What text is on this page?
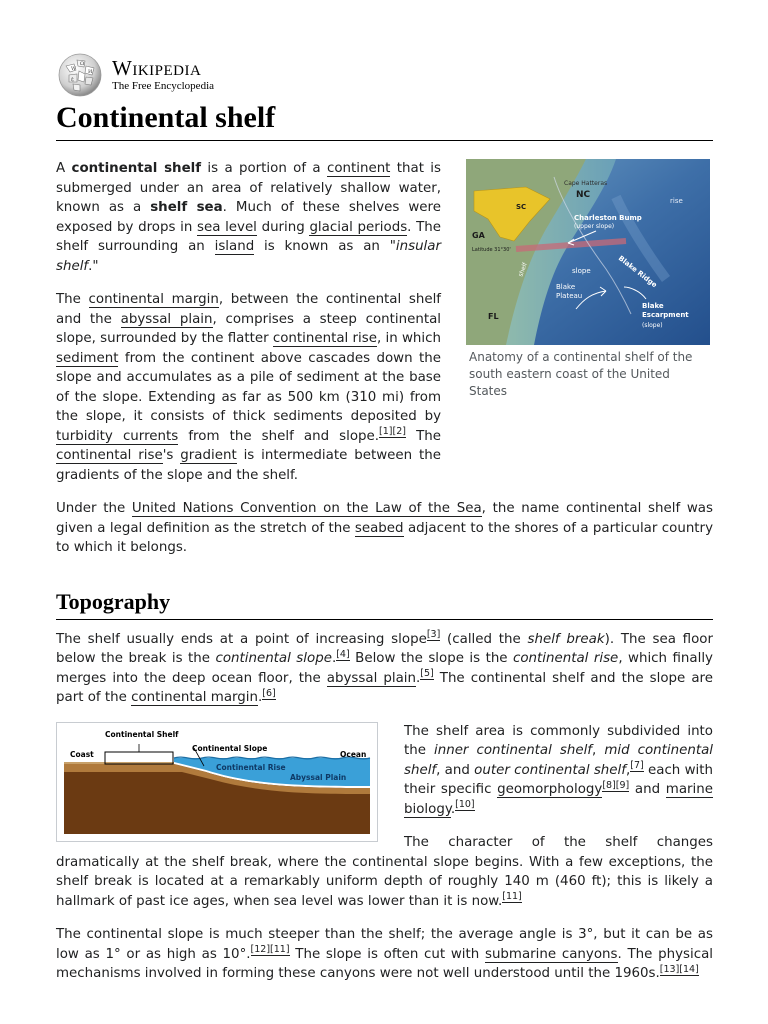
W
Ω
И
ع Wikipedia
The Free Encyclopedia
Continental shelf

A continental shelf is a portion of a continent that is submerged under an area of relatively shallow water, known as a shelf sea. Much of these shelves were exposed by drops in sea level during glacial periods. The shelf surrounding an island is known as an "insular shelf."

The continental margin, between the continental shelf and the abyssal plain, comprises a steep continental slope, surrounded by the flatter continental rise, in which sediment from the continent above cascades down the slope and accumulates as a pile of sediment at the base of the slope. Extending as far as 500 km (310 mi) from the slope, it consists of thick sediments deposited by turbidity currents from the shelf and slope.[1][2] The continental rise's gradient is intermediate between the gradients of the slope and the shelf.

Cape Hatteras
NC
rise
SC
Charleston Bump
(upper slope)
GA
Latitude 31°30'
shelf	slope	Blake Ridge
Blake
Plateau
FL
Blake
Escarpment
(slope)
Anatomy of a continental shelf of the south eastern coast of the United States

Under the United Nations Convention on the Law of the Sea, the name continental shelf was given a legal definition as the stretch of the seabed adjacent to the shores of a particular country to which it belongs.

Topography

The shelf usually ends at a point of increasing slope[3] (called the shelf break). The sea floor below the break is the continental slope.[4] Below the slope is the continental rise, which finally merges into the deep ocean floor, the abyssal plain.[5] The continental shelf and the slope are part of the continental margin.[6]

Continental Shelf
Coast
Continental Slope
Ocean
Continental Rise
Abyssal Plain

The shelf area is commonly subdivided into the inner continental shelf, mid continental shelf, and outer continental shelf,[7] each with their specific geomorphology[8][9] and marine biology.[10]

The character of the shelf changes dramatically at the shelf break, where the continental slope begins. With a few exceptions, the shelf break is located at a remarkably uniform depth of roughly 140 m (460 ft); this is likely a hallmark of past ice ages, when sea level was lower than it is now.[11]

The continental slope is much steeper than the shelf; the average angle is 3°, but it can be as low as 1° or as high as 10°.[12][11] The slope is often cut with submarine canyons. The physical mechanisms involved in forming these canyons were not well understood until the 1960s.[13][14]
